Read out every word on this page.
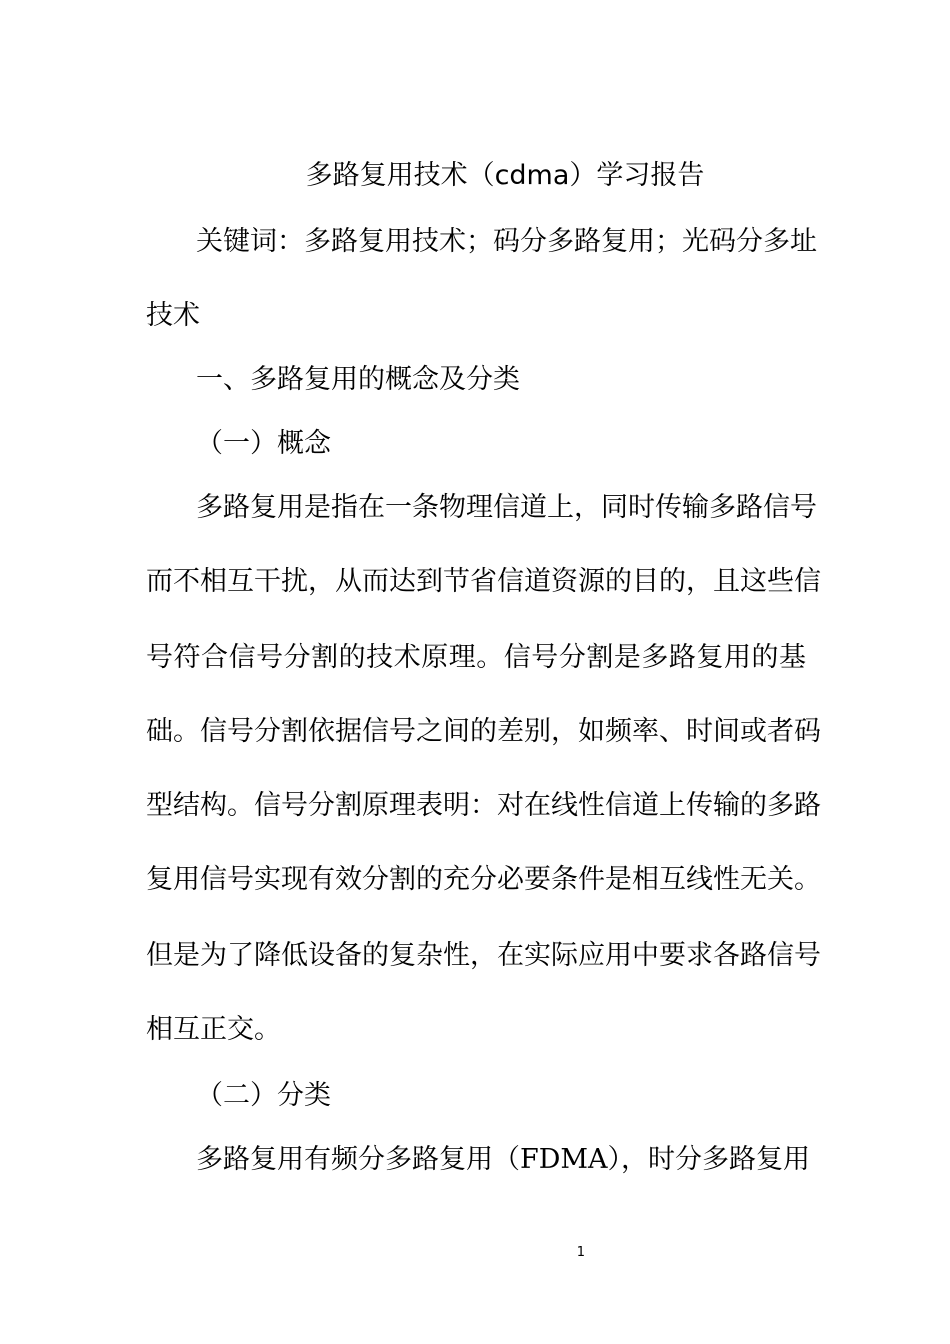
多路复用技术（cdma）学习报告
关键词：多路复用技术；码分多路复用；光码分多址
技术
一、多路复用的概念及分类
（一）概念
多路复用是指在一条物理信道上，同时传输多路信号
而不相互干扰，从而达到节省信道资源的目的，且这些信
号符合信号分割的技术原理。信号分割是多路复用的基
础。信号分割依据信号之间的差别，如频率、时间或者码
型结构。信号分割原理表明：对在线性信道上传输的多路
复用信号实现有效分割的充分必要条件是相互线性无关。
但是为了降低设备的复杂性，在实际应用中要求各路信号
相互正交。
（二）分类
多路复用有频分多路复用（FDMA），时分多路复用
1
